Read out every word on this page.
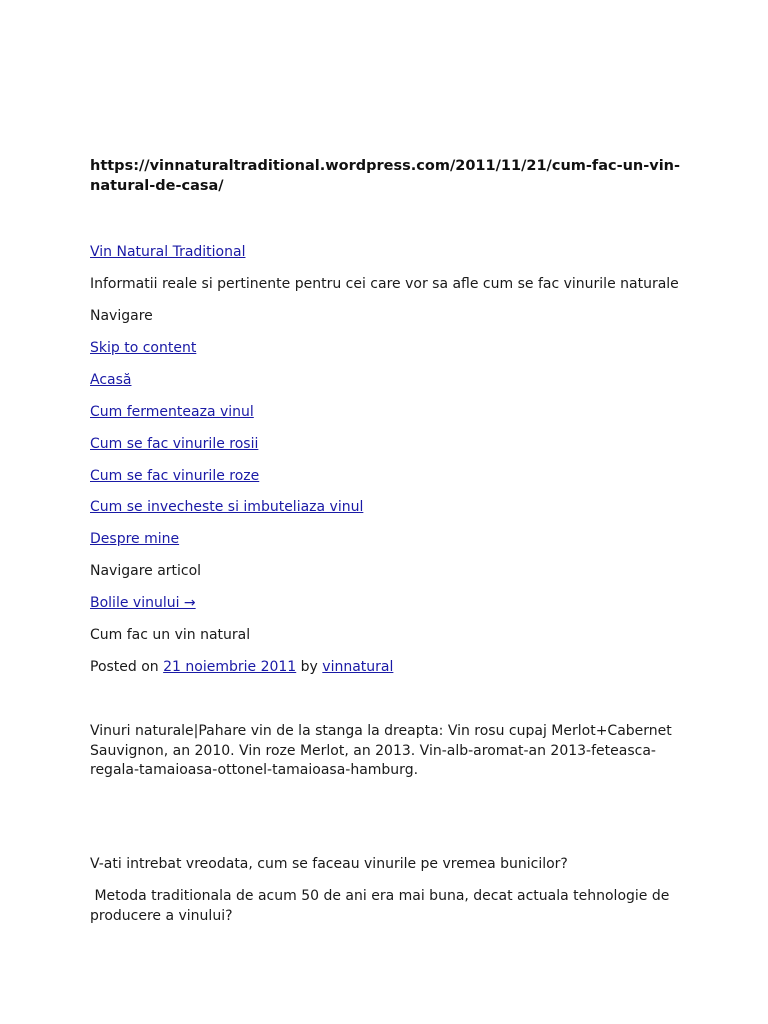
https://vinnaturaltraditional.wordpress.com/2011/11/21/cum-fac-un-vin-natural-de-casa/
Vin Natural Traditional
Informatii reale si pertinente pentru cei care vor sa afle cum se fac vinurile naturale
Navigare
Skip to content
Acasă
Cum fermenteaza vinul
Cum se fac vinurile rosii
Cum se fac vinurile roze
Cum se invecheste si imbuteliaza vinul
Despre mine
Navigare articol
Bolile vinului →
Cum fac un vin natural
Posted on 21 noiembrie 2011 by vinnatural
Vinuri naturale|Pahare vin de la stanga la dreapta: Vin rosu cupaj Merlot+Cabernet Sauvignon, an 2010. Vin roze Merlot, an 2013. Vin-alb-aromat-an 2013-feteasca-regala-tamaioasa-ottonel-tamaioasa-hamburg.
V-ati intrebat vreodata, cum se faceau vinurile pe vremea bunicilor?
Metoda traditionala de acum 50 de ani era mai buna, decat actuala tehnologie de producere a vinului?
